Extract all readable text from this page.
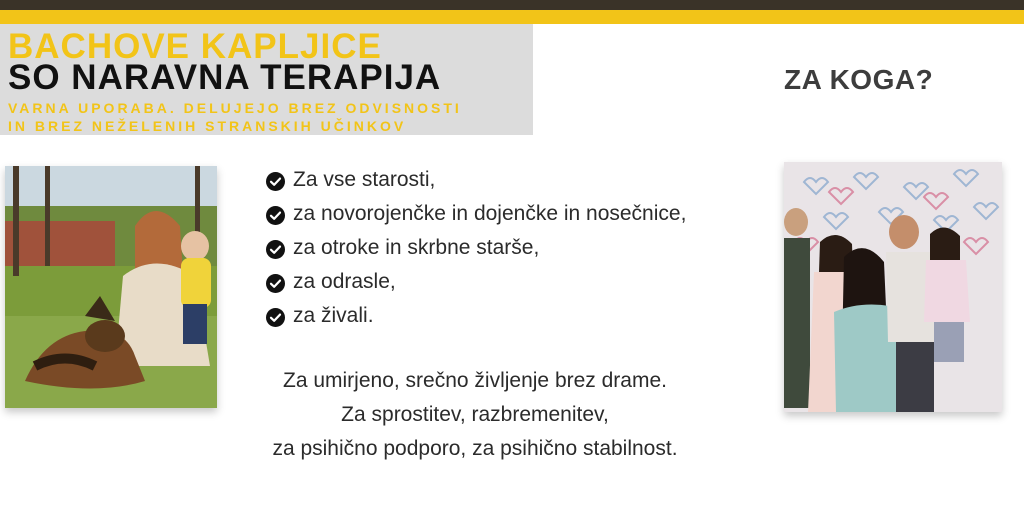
BACHOVE KAPLJICE
SO NARAVNA TERAPIJA
VARNA UPORABA. DELUJEJO BREZ ODVISNOSTI
IN BREZ NEŽELENIH STRANSKIH UČINKOV
ZA KOGA?
Za vse starosti,
za novorojenčke in dojenčke in nosečnice,
za otroke in skrbne starše,
za odrasle,
za živali.
Za umirjeno, srečno življenje brez drame.
Za sprostitev, razbremenitev,
za psihično podporo, za psihično stabilnost.
